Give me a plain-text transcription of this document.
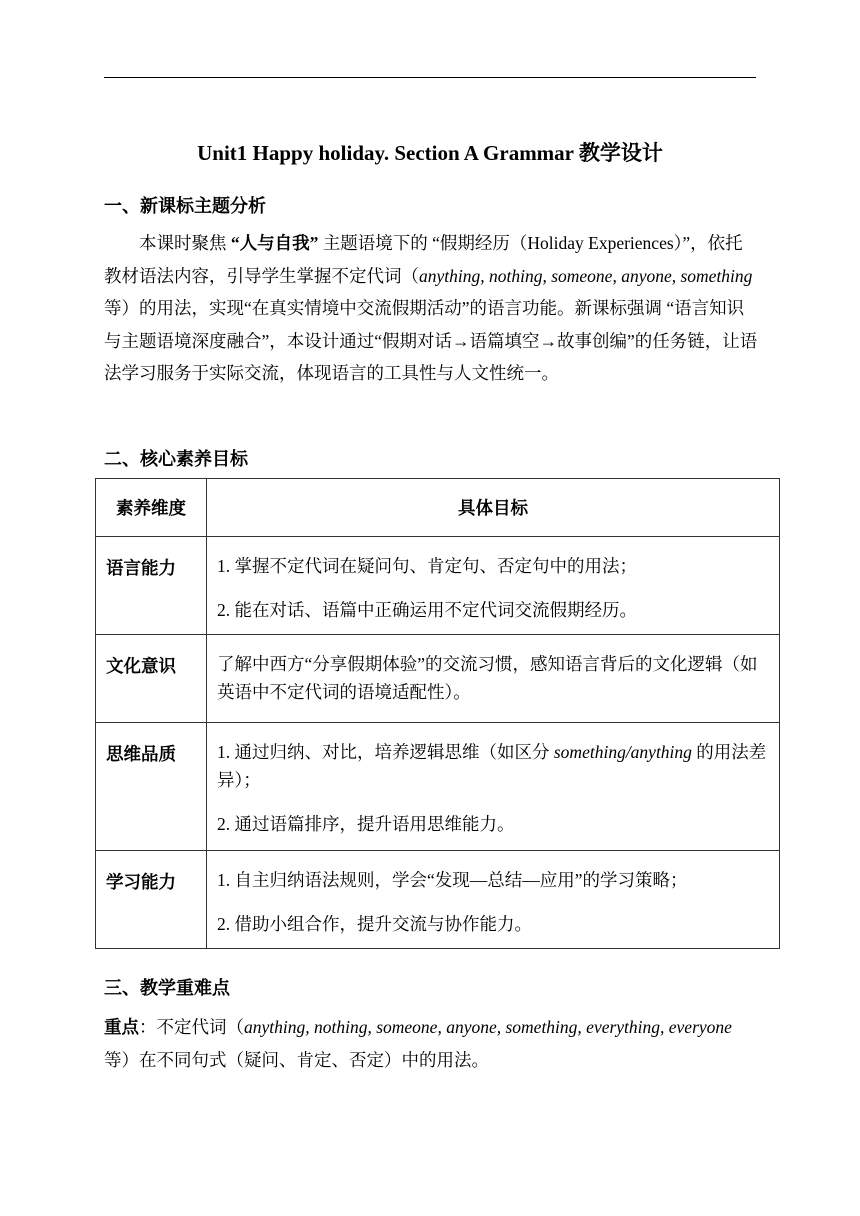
Unit1 Happy holiday. Section A Grammar 教学设计
一、新课标主题分析

本课时聚焦 “人与自我” 主题语境下的 “假期经历（Holiday Experiences）”，依托教材语法内容，引导学生掌握不定代词（anything, nothing, someone, anyone, something 等）的用法，实现“在真实情境中交流假期活动”的语言功能。新课标强调 “语言知识与主题语境深度融合”，本设计通过“假期对话→语篇填空→故事创编”的任务链，让语法学习服务于实际交流，体现语言的工具性与人文性统一。

二、核心素养目标
素养维度	具体目标
语言能力	1. 掌握不定代词在疑问句、肯定句、否定句中的用法；

2. 能在对话、语篇中正确运用不定代词交流假期经历。

文化意识	了解中西方“分享假期体验”的交流习惯，感知语言背后的文化逻辑（如英语中不定代词的语境适配性）。

思维品质	1. 通过归纳、对比，培养逻辑思维（如区分 something/anything 的用法差异）；

2. 通过语篇排序，提升语用思维能力。

学习能力	1. 自主归纳语法规则，学会“发现—总结—应用”的学习策略；

2. 借助小组合作，提升交流与协作能力。

三、教学重难点

重点：不定代词（anything, nothing, someone, anyone, something, everything, everyone 等）在不同句式（疑问、肯定、否定）中的用法。
